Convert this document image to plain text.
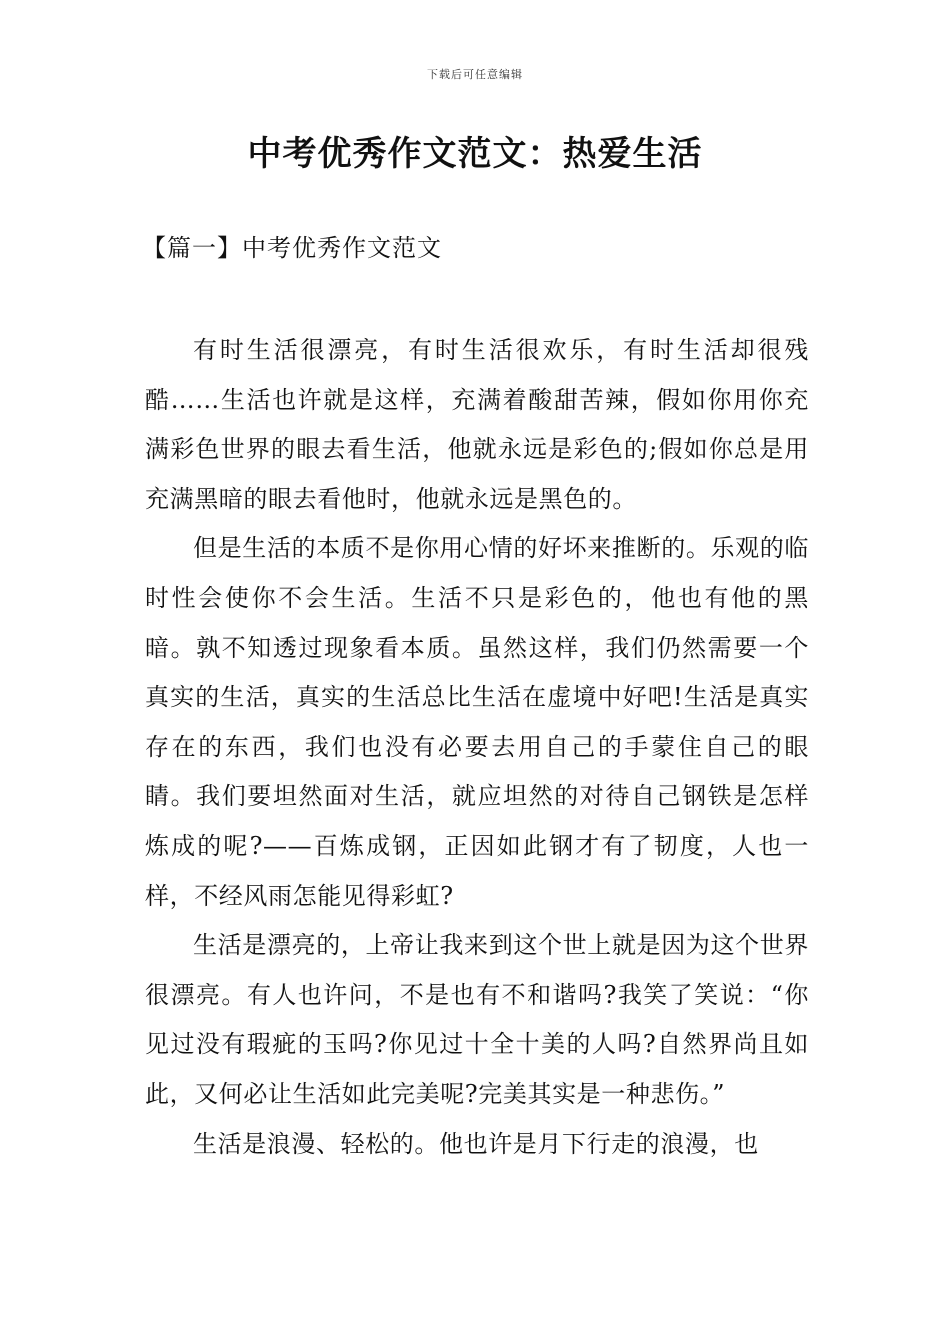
下载后可任意编辑
中考优秀作文范文：热爱生活
【篇一】中考优秀作文范文

有时生活很漂亮，有时生活很欢乐，有时生活却很残酷……生活也许就是这样，充满着酸甜苦辣，假如你用你充满彩色世界的眼去看生活，他就永远是彩色的;假如你总是用充满黑暗的眼去看他时，他就永远是黑色的。

但是生活的本质不是你用心情的好坏来推断的。乐观的临时性会使你不会生活。生活不只是彩色的，他也有他的黑暗。孰不知透过现象看本质。虽然这样，我们仍然需要一个真实的生活，真实的生活总比生活在虚境中好吧!生活是真实存在的东西，我们也没有必要去用自己的手蒙住自己的眼睛。我们要坦然面对生活，就应坦然的对待自己钢铁是怎样炼成的呢?——百炼成钢，正因如此钢才有了韧度，人也一样，不经风雨怎能见得彩虹?

生活是漂亮的，上帝让我来到这个世上就是因为这个世界很漂亮。有人也许问，不是也有不和谐吗?我笑了笑说：“你见过没有瑕疵的玉吗?你见过十全十美的人吗?自然界尚且如此，又何必让生活如此完美呢?完美其实是一种悲伤。”

生活是浪漫、轻松的。他也许是月下行走的浪漫，也
